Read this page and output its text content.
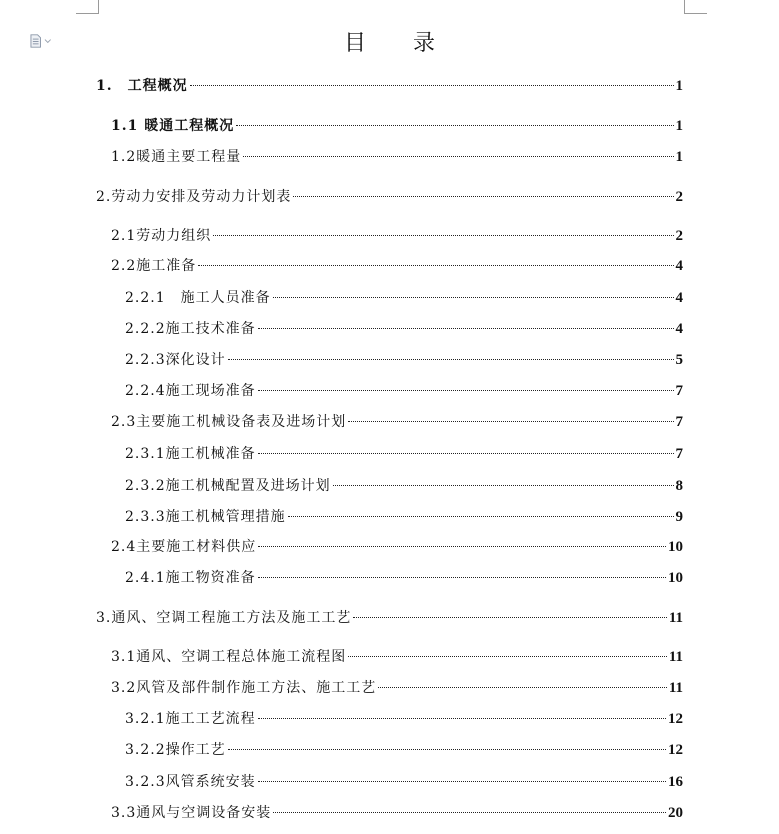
目 录
1.　工程概况	1
1.1 暖通工程概况	1
1.2暖通主要工程量	1
2.劳动力安排及劳动力计划表	2
2.1劳动力组织	2
2.2施工准备	4
2.2.1　施工人员准备	4
2.2.2施工技术准备	4
2.2.3深化设计	5
2.2.4施工现场准备	7
2.3主要施工机械设备表及进场计划	7
2.3.1施工机械准备	7
2.3.2施工机械配置及进场计划	8
2.3.3施工机械管理措施	9
2.4主要施工材料供应	10
2.4.1施工物资准备	10
3.通风、空调工程施工方法及施工工艺	11
3.1通风、空调工程总体施工流程图	11
3.2风管及部件制作施工方法、施工工艺	11
3.2.1施工工艺流程	12
3.2.2操作工艺	12
3.2.3风管系统安装	16
3.3通风与空调设备安装	20
